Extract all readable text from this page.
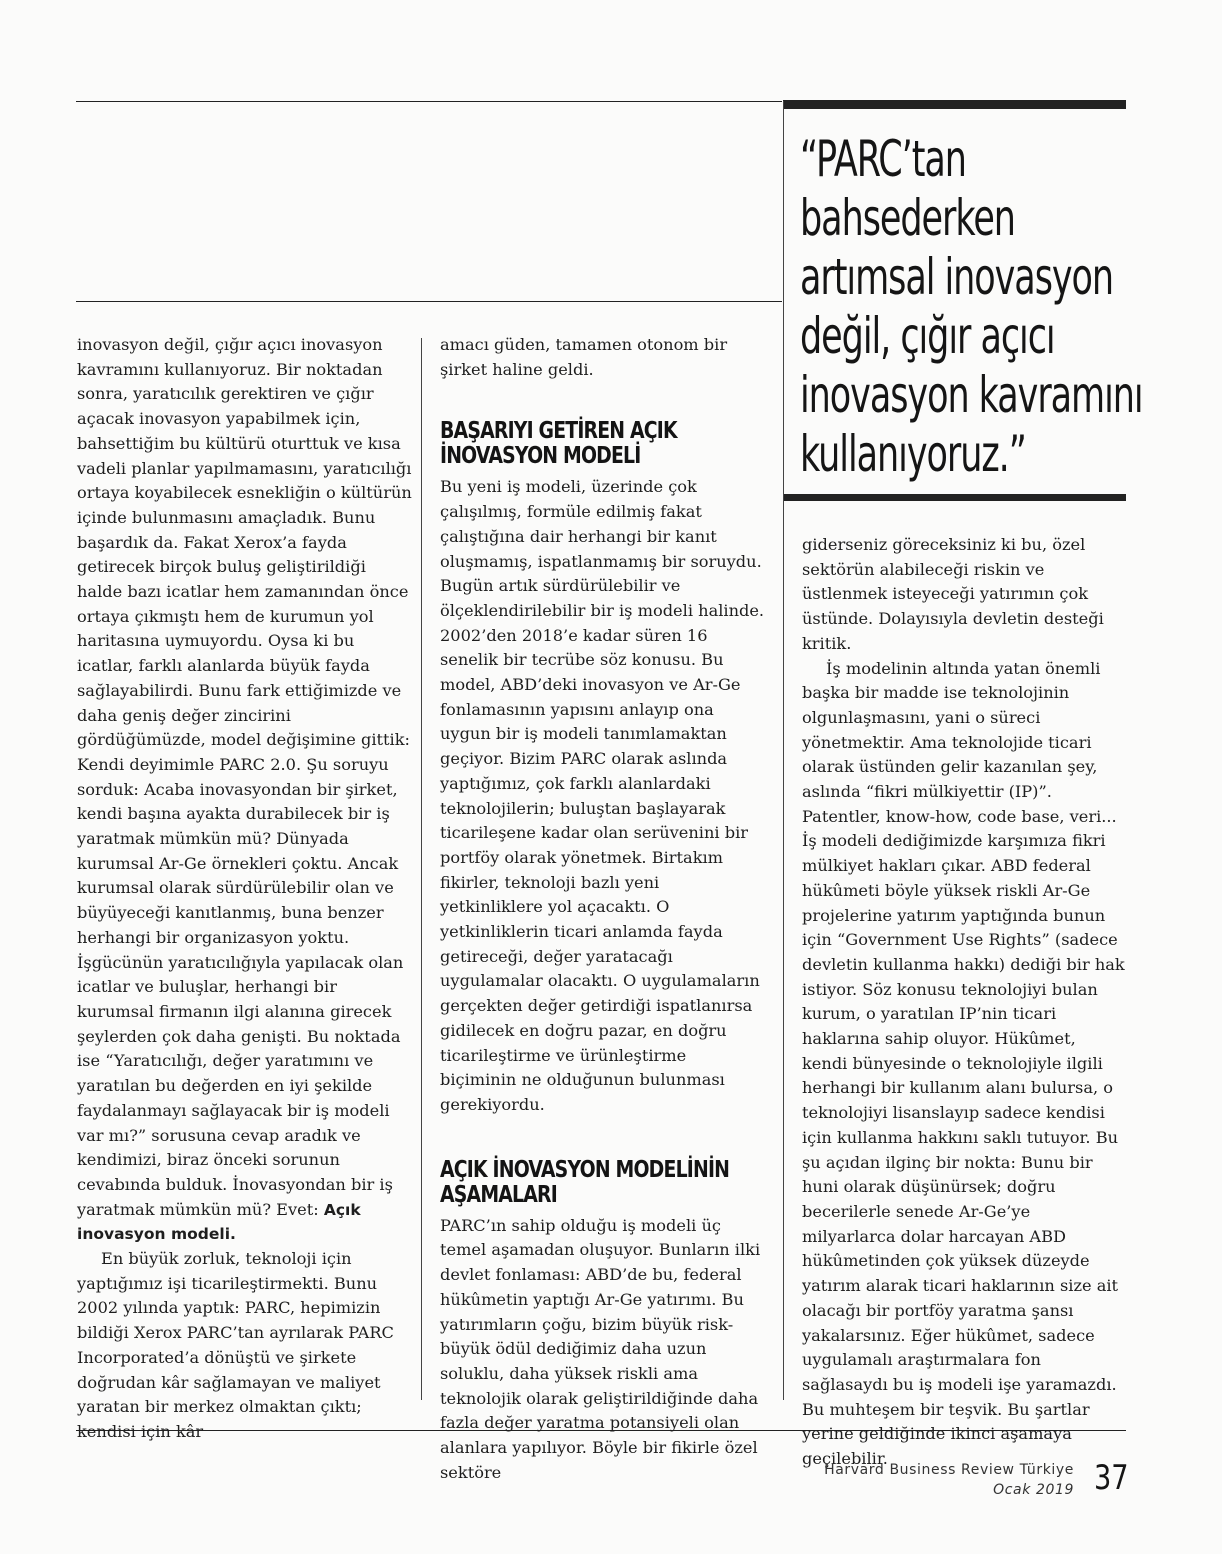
“PARC’tan
bahsederken
artımsal inovasyon
değil, çığır açıcı
inovasyon kavramını
kullanıyoruz.”

inovasyon değil, çığır açıcı inovasyon kavramını kullanıyoruz. Bir noktadan sonra, yaratıcılık gerektiren ve çığır açacak inovasyon yapabilmek için, bahsettiğim bu kültürü oturttuk ve kısa vadeli planlar yapılmamasını, yaratıcılığı ortaya koyabilecek esnekliğin o kültürün içinde bulunmasını amaçladık. Bunu başardık da. Fakat Xerox’a fayda getirecek birçok buluş geliştirildiği halde bazı icatlar hem zamanından önce ortaya çıkmıştı hem de kurumun yol haritasına uymuyordu. Oysa ki bu icatlar, farklı alanlarda büyük fayda sağlayabilirdi. Bunu fark ettiğimizde ve daha geniş değer zincirini gördüğümüzde, model değişimine gittik: Kendi deyimimle PARC 2.0. Şu soruyu sorduk: Acaba inovasyondan bir şirket, kendi başına ayakta durabilecek bir iş yaratmak mümkün mü? Dünyada kurumsal Ar-Ge örnekleri çoktu. Ancak kurumsal olarak sürdürülebilir olan ve büyüyeceği kanıtlanmış, buna benzer herhangi bir organizasyon yoktu. İşgücünün yaratıcılığıyla yapılacak olan icatlar ve buluşlar, herhangi bir kurumsal firmanın ilgi alanına girecek şeylerden çok daha genişti. Bu noktada ise “Yaratıcılığı, değer yaratımını ve yaratılan bu değerden en iyi şekilde faydalanmayı sağlayacak bir iş modeli var mı?” sorusuna cevap aradık ve kendimizi, biraz önceki sorunun cevabında bulduk. İnovasyondan bir iş yaratmak mümkün mü? Evet: Açık inovasyon modeli.

En büyük zorluk, teknoloji için yaptığımız işi ticarileştirmekti. Bunu 2002 yılında yaptık: PARC, hepimizin bildiği Xerox PARC’tan ayrılarak PARC Incorporated’a dönüştü ve şirkete doğrudan kâr sağlamayan ve maliyet yaratan bir merkez olmaktan çıktı; kendisi için kâr

amacı güden, tamamen otonom bir şirket haline geldi.

BAŞARIYI GETİREN AÇIK
İNOVASYON MODELİ

Bu yeni iş modeli, üzerinde çok çalışılmış, formüle edilmiş fakat çalıştığına dair herhangi bir kanıt oluşmamış, ispatlanmamış bir soruydu. Bugün artık sürdürülebilir ve ölçeklendirilebilir bir iş modeli halinde. 2002’den 2018’e kadar süren 16 senelik bir tecrübe söz konusu. Bu model, ABD’deki inovasyon ve Ar-Ge fonlamasının yapısını anlayıp ona uygun bir iş modeli tanımlamaktan geçiyor. Bizim PARC olarak aslında yaptığımız, çok farklı alanlardaki teknolojilerin; buluştan başlayarak ticarileşene kadar olan serüvenini bir portföy olarak yönetmek. Birtakım fikirler, teknoloji bazlı yeni yetkinliklere yol açacaktı. O yetkinliklerin ticari anlamda fayda getireceği, değer yaratacağı uygulamalar olacaktı. O uygulamaların gerçekten değer getirdiği ispatlanırsa gidilecek en doğru pazar, en doğru ticarileştirme ve ürünleştirme biçiminin ne olduğunun bulunması gerekiyordu.

AÇIK İNOVASYON MODELİNİN
AŞAMALARI

PARC’ın sahip olduğu iş modeli üç temel aşamadan oluşuyor. Bunların ilki devlet fonlaması: ABD’de bu, federal hükûmetin yaptığı Ar-Ge yatırımı. Bu yatırımların çoğu, bizim büyük risk-büyük ödül dediğimiz daha uzun soluklu, daha yüksek riskli ama teknolojik olarak geliştirildiğinde daha fazla değer yaratma potansiyeli olan alanlara yapılıyor. Böyle bir fikirle özel sektöre

giderseniz göreceksiniz ki bu, özel sektörün alabileceği riskin ve üstlenmek isteyeceği yatırımın çok üstünde. Dolayısıyla devletin desteği kritik.

İş modelinin altında yatan önemli başka bir madde ise teknolojinin olgunlaşmasını, yani o süreci yönetmektir. Ama teknolojide ticari olarak üstünden gelir kazanılan şey, aslında “fikri mülkiyettir (IP)”. Patentler, know-how, code base, veri... İş modeli dediğimizde karşımıza fikri mülkiyet hakları çıkar. ABD federal hükûmeti böyle yüksek riskli Ar-Ge projelerine yatırım yaptığında bunun için “Government Use Rights” (sadece devletin kullanma hakkı) dediği bir hak istiyor. Söz konusu teknolojiyi bulan kurum, o yaratılan IP’nin ticari haklarına sahip oluyor. Hükûmet, kendi bünyesinde o teknolojiyle ilgili herhangi bir kullanım alanı bulursa, o teknolojiyi lisanslayıp sadece kendisi için kullanma hakkını saklı tutuyor. Bu şu açıdan ilginç bir nokta: Bunu bir huni olarak düşünürsek; doğru becerilerle senede Ar-Ge’ye milyarlarca dolar harcayan ABD hükûmetinden çok yüksek düzeyde yatırım alarak ticari haklarının size ait olacağı bir portföy yaratma şansı yakalarsınız. Eğer hükûmet, sadece uygulamalı araştırmalara fon sağlasaydı bu iş modeli işe yaramazdı. Bu muhteşem bir teşvik. Bu şartlar yerine geldiğinde ikinci aşamaya geçilebilir.

Harvard Business Review Türkiye
Ocak 2019 37
